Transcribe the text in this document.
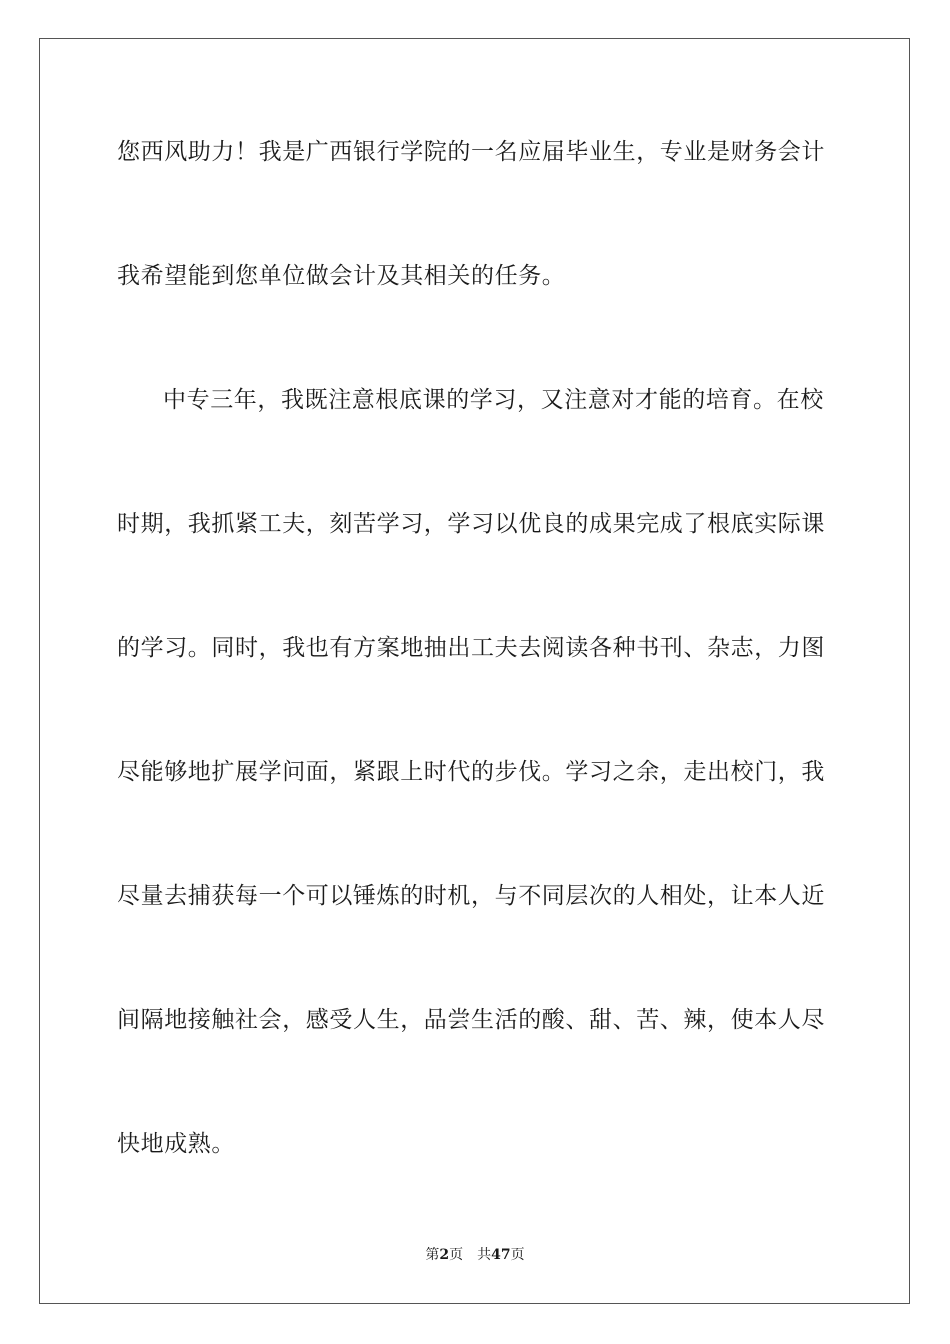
您西风助力！我是广西银行学院的一名应届毕业生，专业是财务会计
我希望能到您单位做会计及其相关的任务。
中专三年，我既注意根底课的学习，又注意对才能的培育。在校
时期，我抓紧工夫，刻苦学习，学习以优良的成果完成了根底实际课
的学习。同时，我也有方案地抽出工夫去阅读各种书刊、杂志，力图
尽能够地扩展学问面，紧跟上时代的步伐。学习之余，走出校门，我
尽量去捕获每一个可以锤炼的时机，与不同层次的人相处，让本人近
间隔地接触社会，感受人生，品尝生活的酸、甜、苦、辣，使本人尽
快地成熟。
第2页 共47页
